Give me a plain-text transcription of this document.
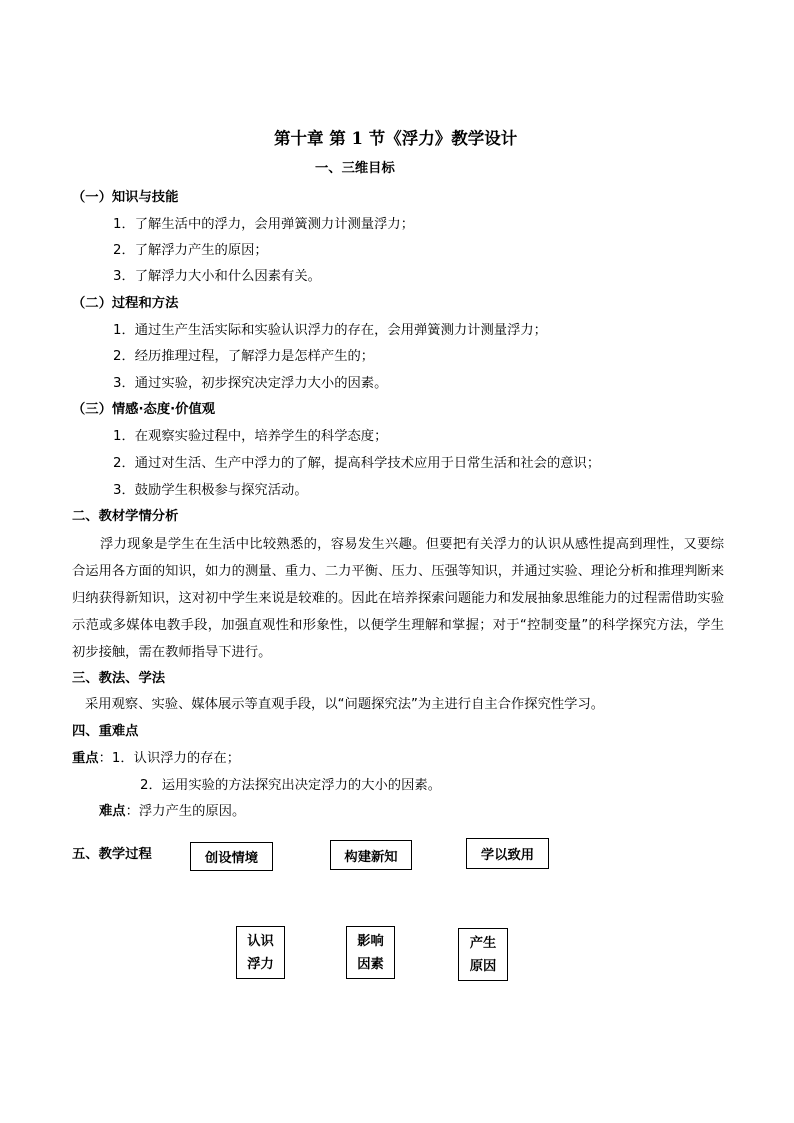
第十章 第 1 节《浮力》教学设计
一、三维目标
（一）知识与技能
1．了解生活中的浮力，会用弹簧测力计测量浮力；
2．了解浮力产生的原因；
3．了解浮力大小和什么因素有关。
（二）过程和方法
1．通过生产生活实际和实验认识浮力的存在，会用弹簧测力计测量浮力；
2．经历推理过程，了解浮力是怎样产生的；
3．通过实验，初步探究决定浮力大小的因素。
（三）情感·态度·价值观
1．在观察实验过程中，培养学生的科学态度；
2．通过对生活、生产中浮力的了解，提高科学技术应用于日常生活和社会的意识；
3．鼓励学生积极参与探究活动。
二、教材学情分析
浮力现象是学生在生活中比较熟悉的，容易发生兴趣。但要把有关浮力的认识从感性提高到理性，又要综合运用各方面的知识，如力的测量、重力、二力平衡、压力、压强等知识，并通过实验、理论分析和推理判断来归纳获得新知识，这对初中学生来说是较难的。因此在培养探索问题能力和发展抽象思维能力的过程需借助实验示范或多媒体电教手段，加强直观性和形象性，以便学生理解和掌握；对于“控制变量”的科学探究方法，学生初步接触，需在教师指导下进行。
三、教法、学法
采用观察、实验、媒体展示等直观手段，以“问题探究法”为主进行自主合作探究性学习。
四、重难点
重点：1．认识浮力的存在；
2．运用实验的方法探究出决定浮力的大小的因素。
难点：浮力产生的原因。
五、教学过程	创设情境	构建新知	学以致用
认识
浮力
影响
因素
产生
原因
